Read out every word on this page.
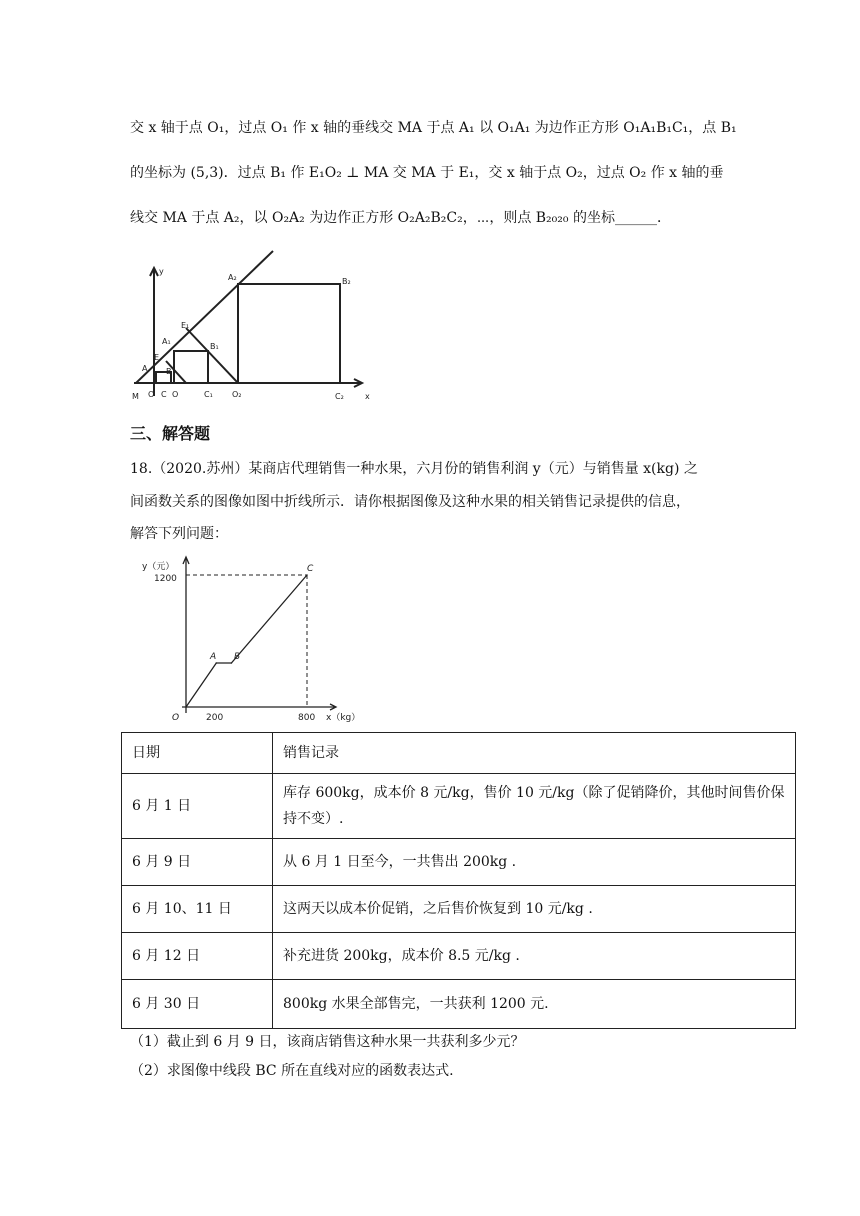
交 x 轴于点 O₁，过点 O₁ 作 x 轴的垂线交 MA 于点 A₁ 以 O₁A₁ 为边作正方形 O₁A₁B₁C₁，点 B₁
的坐标为 (5,3)．过点 B₁ 作 E₁O₂ ⊥ MA 交 MA 于 E₁，交 x 轴于点 O₂，过点 O₂ 作 x 轴的垂
线交 MA 于点 A₂，以 O₂A₂ 为边作正方形 O₂A₂B₂C₂，⋯，则点 B₂₀₂₀ 的坐标______．
y
x
M O
A
E
B
C O
A₁
E₁
B₁
C₁ O₂
A₂	B₂
C₂
三、解答题
18.（2020.苏州）某商店代理销售一种水果，六月份的销售利润 y（元）与销售量 x(kg) 之
间函数关系的图像如图中折线所示．请你根据图像及这种水果的相关销售记录提供的信息，
解答下列问题：
y（元）
x（kg）
O
1200
200	800
A B
C
日期	销售记录
6 月 1 日	库存 600kg，成本价 8 元/kg，售价 10 元/kg（除了促销降价，其他时间售价保持不变）.
6 月 9 日	从 6 月 1 日至今，一共售出 200kg .
6 月 10、11 日	这两天以成本价促销，之后售价恢复到 10 元/kg .
6 月 12 日	补充进货 200kg，成本价 8.5 元/kg .
6 月 30 日	800kg 水果全部售完，一共获利 1200 元.
（1）截止到 6 月 9 日，该商店销售这种水果一共获利多少元？
（2）求图像中线段 BC 所在直线对应的函数表达式.
